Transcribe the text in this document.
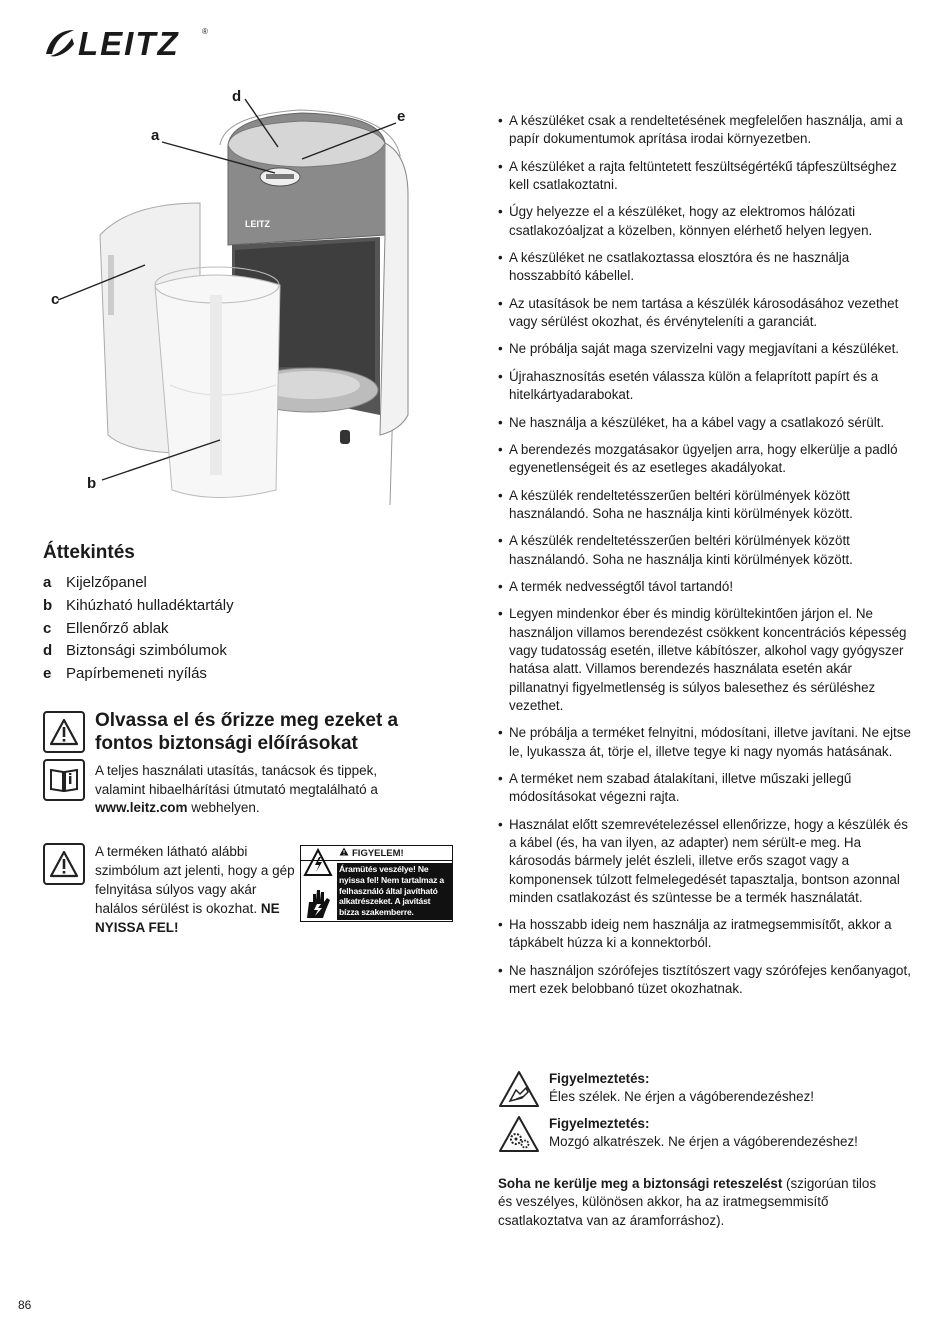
LEITZ	®
LEITZ
a
b
c
d
e
Áttekintés
a Kijelzőpanel
b Kihúzható hulladéktartály
c Ellenőrző ablak
d Biztonsági szimbólumok
e Papírbemeneti nyílás
Olvassa el és őrizze meg ezeket a fontos biztonsági előírásokat
A teljes használati utasítás, tanácsok és tippek, valamint hibaelhárítási útmutató megtalálható a www.leitz.com webhelyen.
A terméken látható alábbi szimbólum azt jelenti, hogy a gép felnyitása súlyos vagy akár halálos sérülést is okozhat. NE NYISSA FEL!
FIGYELEM!
Áramütés veszélye! Ne nyissa fel! Nem tartalmaz a felhasználó által javítható alkatrészeket. A javítást bízza szakemberre.
• A készüléket csak a rendeltetésének megfelelően használja, ami a papír dokumentumok aprítása irodai környezetben.
• A készüléket a rajta feltüntetett feszültségértékű tápfeszültséghez kell csatlakoztatni.
• Úgy helyezze el a készüléket, hogy az elektromos hálózati csatlakozóaljzat a közelben, könnyen elérhető helyen legyen.
• A készüléket ne csatlakoztassa elosztóra és ne használja hosszabbító kábellel.
• Az utasítások be nem tartása a készülék károsodásához vezethet vagy sérülést okozhat, és érvényteleníti a garanciát.
• Ne próbálja saját maga szervizelni vagy megjavítani a készüléket.
• Újrahasznosítás esetén válassza külön a felaprított papírt és a hitelkártyadarabokat.
• Ne használja a készüléket, ha a kábel vagy a csatlakozó sérült.
• A berendezés mozgatásakor ügyeljen arra, hogy elkerülje a padló egyenetlenségeit és az esetleges akadályokat.
• A készülék rendeltetésszerűen beltéri körülmények között használandó. Soha ne használja kinti körülmények között.
• A készülék rendeltetésszerűen beltéri körülmények között használandó. Soha ne használja kinti körülmények között.
• A termék nedvességtől távol tartandó!
• Legyen mindenkor éber és mindig körültekintően járjon el. Ne használjon villamos berendezést csökkent koncentrációs képesség vagy tudatosság esetén, illetve kábítószer, alkohol vagy gyógyszer hatása alatt. Villamos berendezés használata esetén akár pillanatnyi figyelmetlenség is súlyos balesethez és sérüléshez vezethet.
• Ne próbálja a terméket felnyitni, módosítani, illetve javítani. Ne ejtse le, lyukassza át, törje el, illetve tegye ki nagy nyomás hatásának.
• A terméket nem szabad átalakítani, illetve műszaki jellegű módosításokat végezni rajta.
• Használat előtt szemrevételezéssel ellenőrizze, hogy a készülék és a kábel (és, ha van ilyen, az adapter) nem sérült-e meg. Ha károsodás bármely jelét észleli, illetve erős szagot vagy a komponensek túlzott felmelegedését tapasztalja, bontson azonnal minden csatlakozást és szüntesse be a termék használatát.
• Ha hosszabb ideig nem használja az iratmegsemmisítőt, akkor a tápkábelt húzza ki a konnektorból.
• Ne használjon szórófejes tisztítószert vagy szórófejes kenőanyagot, mert ezek belobbanó tüzet okozhatnak.
Figyelmeztetés:
Éles szélek. Ne érjen a vágóberendezéshez!
Figyelmeztetés:
Mozgó alkatrészek. Ne érjen a vágóberendezéshez!
Soha ne kerülje meg a biztonsági reteszelést (szigorúan tilos és veszélyes, különösen akkor, ha az iratmegsemmisítő csatlakoztatva van az áramforráshoz).
86
